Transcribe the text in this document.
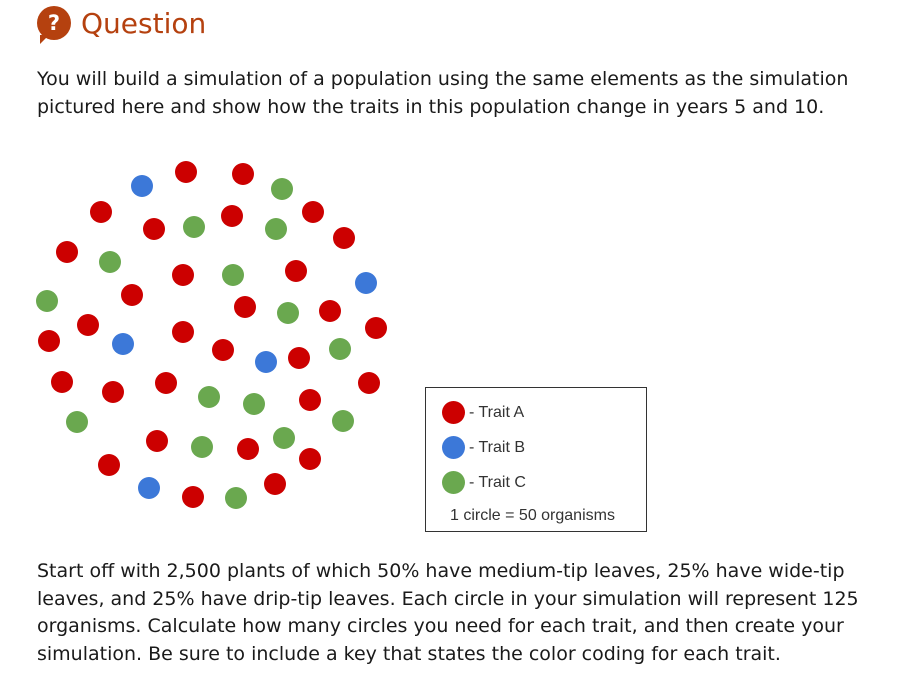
? Question

You will build a simulation of a population using the same elements as the simulation pictured here and show how the traits in this population change in years 5 and 10.

- Trait A
- Trait B
- Trait C
1 circle = 50 organisms

Start off with 2,500 plants of which 50% have medium-tip leaves, 25% have wide-tip leaves, and 25% have drip-tip leaves. Each circle in your simulation will represent 125 organisms. Calculate how many circles you need for each trait, and then create your simulation. Be sure to include a key that states the color coding for each trait.
